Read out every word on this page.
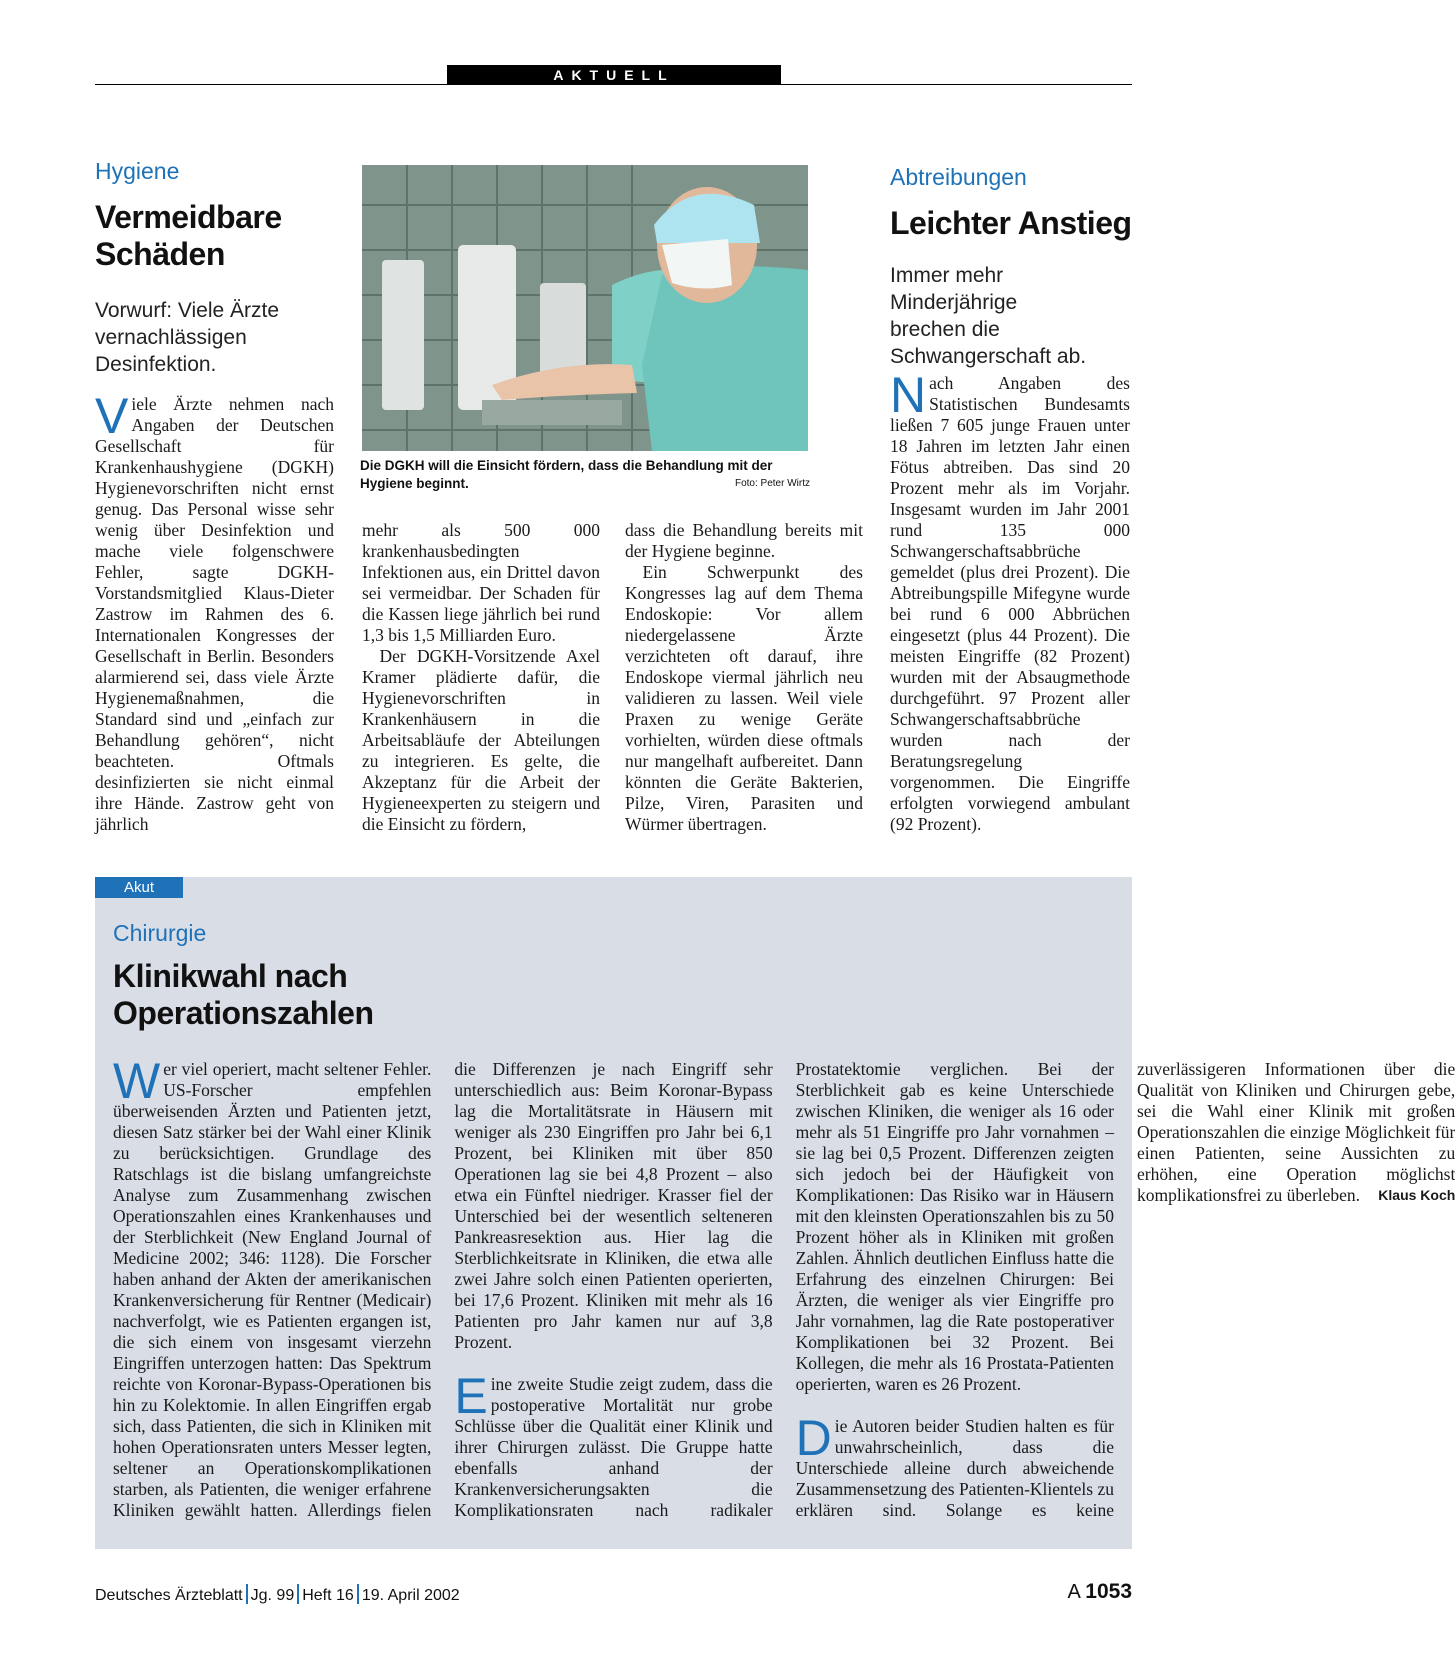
AKTUELL
Hygiene
Vermeidbare Schäden
Vorwurf: Viele Ärzte vernachlässigen Desinfektion.

Viele Ärzte nehmen nach Angaben der Deutschen Gesellschaft für Krankenhaushygiene (DGKH) Hygienevorschriften nicht ernst genug. Das Personal wisse sehr wenig über Desinfektion und mache viele folgenschwere Fehler, sagte DGKH-Vorstandsmitglied Klaus-Dieter Zastrow im Rahmen des 6. Internationalen Kongresses der Gesellschaft in Berlin. Besonders alarmierend sei, dass viele Ärzte Hygienemaßnahmen, die Standard sind und „einfach zur Behandlung gehören“, nicht beachteten. Oftmals desinfizierten sie nicht einmal ihre Hände. Zastrow geht von jährlich

Die DGKH will die Einsicht fördern, dass die Behandlung mit der Hygiene beginnt.	Foto: Peter Wirtz

mehr als 500 000 krankenhausbedingten Infektionen aus, ein Drittel davon sei vermeidbar. Der Schaden für die Kassen liege jährlich bei rund 1,3 bis 1,5 Milliarden Euro.

Der DGKH-Vorsitzende Axel Kramer plädierte dafür, die Hygienevorschriften in Krankenhäusern in die Arbeitsabläufe der Abteilungen zu integrieren. Es gelte, die Akzeptanz für die Arbeit der Hygieneexperten zu steigern und die Einsicht zu fördern,

dass die Behandlung bereits mit der Hygiene beginne.

Ein Schwerpunkt des Kongresses lag auf dem Thema Endoskopie: Vor allem niedergelassene Ärzte verzichteten oft darauf, ihre Endoskope viermal jährlich neu validieren zu lassen. Weil viele Praxen zu wenige Geräte vorhielten, würden diese oftmals nur mangelhaft aufbereitet. Dann könnten die Geräte Bakterien, Pilze, Viren, Parasiten und Würmer übertragen.

Abtreibungen
Leichter Anstieg
Immer mehr Minderjährige brechen die Schwangerschaft ab.

Nach Angaben des Statistischen Bundesamts ließen 7 605 junge Frauen unter 18 Jahren im letzten Jahr einen Fötus abtreiben. Das sind 20 Prozent mehr als im Vorjahr. Insgesamt wurden im Jahr 2001 rund 135 000 Schwangerschaftsabbrüche gemeldet (plus drei Prozent). Die Abtreibungspille Mifegyne wurde bei rund 6 000 Abbrüchen eingesetzt (plus 44 Prozent). Die meisten Eingriffe (82 Prozent) wurden mit der Absaugmethode durchgeführt. 97 Prozent aller Schwangerschaftsabbrüche wurden nach der Beratungsregelung vorgenommen. Die Eingriffe erfolgten vorwiegend ambulant (92 Prozent).

Akut
Chirurgie
Klinikwahl nach Operationszahlen

Wer viel operiert, macht seltener Fehler. US-Forscher empfehlen überweisenden Ärzten und Patienten jetzt, diesen Satz stärker bei der Wahl einer Klinik zu berücksichtigen. Grundlage des Ratschlags ist die bislang umfangreichste Analyse zum Zusammenhang zwischen Operationszahlen eines Krankenhauses und der Sterblichkeit (New England Journal of Medicine 2002; 346: 1128). Die Forscher haben anhand der Akten der amerikanischen Krankenversicherung für Rentner (Medicair) nachverfolgt, wie es Patienten ergangen ist, die sich einem von insgesamt vierzehn Eingriffen unterzogen hatten: Das Spektrum reichte von Koronar-Bypass-Operationen bis hin zu Kolektomie. In allen Eingriffen ergab sich, dass Patienten, die sich in Kliniken mit hohen Operationsraten unters Messer legten, seltener an Operationskomplikationen starben, als Patienten, die weniger erfahrene Kliniken gewählt hatten. Allerdings fielen die Differenzen je nach Eingriff sehr unterschiedlich aus: Beim Koronar-Bypass lag die Mortalitätsrate in Häusern mit weniger als 230 Eingriffen pro Jahr bei 6,1 Prozent, bei Kliniken mit über 850 Operationen lag sie bei 4,8 Prozent – also etwa ein Fünftel niedriger. Krasser fiel der Unterschied bei der wesentlich selteneren Pankreasresektion aus. Hier lag die Sterblichkeitsrate in Kliniken, die etwa alle zwei Jahre solch einen Patienten operierten, bei 17,6 Prozent. Kliniken mit mehr als 16 Patienten pro Jahr kamen nur auf 3,8 Prozent.

Eine zweite Studie zeigt zudem, dass die postoperative Mortalität nur grobe Schlüsse über die Qualität einer Klinik und ihrer Chirurgen zulässt. Die Gruppe hatte ebenfalls anhand der Krankenversicherungsakten die Komplikationsraten nach radikaler Prostatektomie verglichen. Bei der Sterblichkeit gab es keine Unterschiede zwischen Kliniken, die weniger als 16 oder mehr als 51 Eingriffe pro Jahr vornahmen – sie lag bei 0,5 Prozent. Differenzen zeigten sich jedoch bei der Häufigkeit von Komplikationen: Das Risiko war in Häusern mit den kleinsten Operationszahlen bis zu 50 Prozent höher als in Kliniken mit großen Zahlen. Ähnlich deutlichen Einfluss hatte die Erfahrung des einzelnen Chirurgen: Bei Ärzten, die weniger als vier Eingriffe pro Jahr vornahmen, lag die Rate postoperativer Komplikationen bei 32 Prozent. Bei Kollegen, die mehr als 16 Prostata-Patienten operierten, waren es 26 Prozent.

Die Autoren beider Studien halten es für unwahrscheinlich, dass die Unterschiede alleine durch abweichende Zusammensetzung des Patienten-Klientels zu erklären sind. Solange es keine zuverlässigeren Informationen über die Qualität von Kliniken und Chirurgen gebe, sei die Wahl einer Klinik mit großen Operationszahlen die einzige Möglichkeit für einen Patienten, seine Aussichten zu erhöhen, eine Operation möglichst komplikationsfrei zu überleben.	Klaus Koch
Deutsches Ärzteblatt Jg. 99 Heft 16 19. April 2002	A 1053
